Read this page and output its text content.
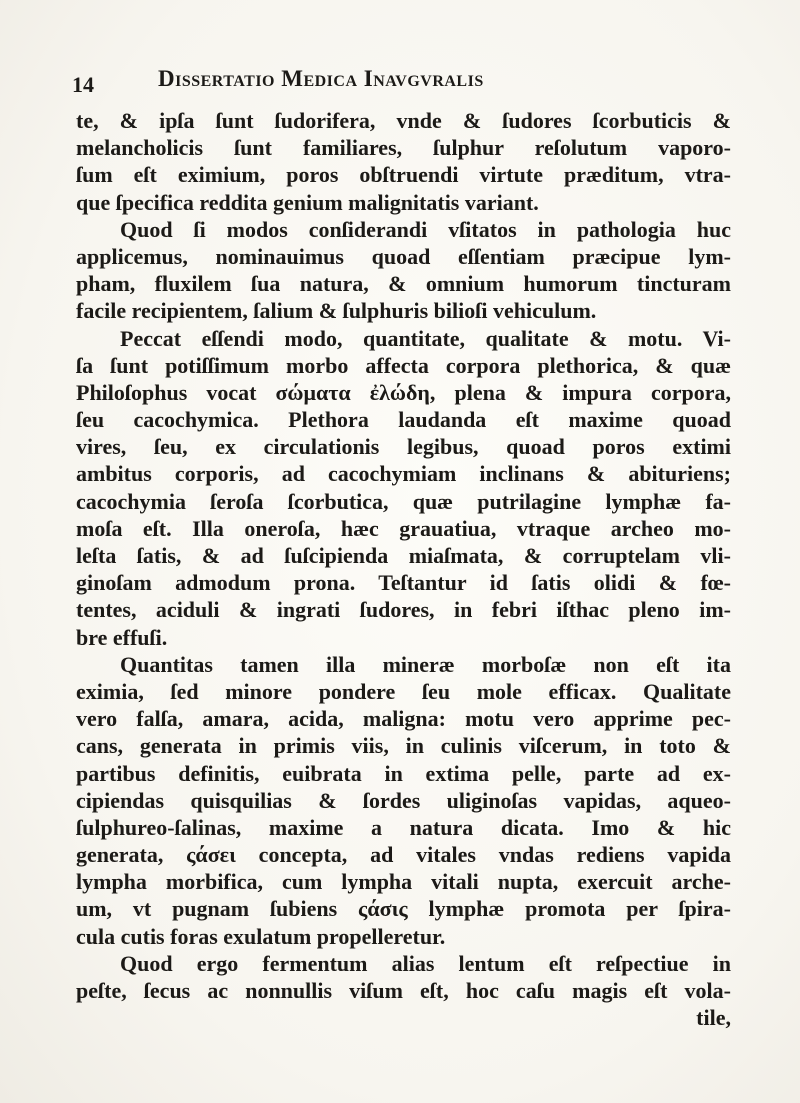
14	Dissertatio Medica Inavgvralis
te, & ipſa ſunt ſudorifera, vnde & ſudores ſcorbuticis &
melancholicis ſunt familiares, ſulphur reſolutum vaporo-
ſum eſt eximium, poros obſtruendi virtute præditum, vtra-
que ſpecifica reddita genium malignitatis variant.
Quod ſi modos conſiderandi vſitatos in pathologia huc
applicemus, nominauimus quoad eſſentiam præcipue lym-
pham, fluxilem ſua natura, & omnium humorum tincturam
facile recipientem, ſalium & ſulphuris bilioſi vehiculum.
Peccat eſſendi modo, quantitate, qualitate & motu. Vi-
ſa ſunt potiſſimum morbo affecta corpora plethorica, & quæ
Philoſophus vocat σώματα ἐλώδη, plena & impura corpora,
ſeu cacochymica. Plethora laudanda eſt maxime quoad
vires, ſeu, ex circulationis legibus, quoad poros extimi
ambitus corporis, ad cacochymiam inclinans & abituriens;
cacochymia ſeroſa ſcorbutica, quæ putrilagine lymphæ fa-
moſa eſt. Illa oneroſa, hæc grauatiua, vtraque archeo mo-
leſta ſatis, & ad ſuſcipienda miaſmata, & corruptelam vli-
ginoſam admodum prona. Teſtantur id ſatis olidi & fœ-
tentes, aciduli & ingrati ſudores, in febri iſthac pleno im-
bre effuſi.
Quantitas tamen illa mineræ morboſæ non eſt ita
eximia, ſed minore pondere ſeu mole efficax. Qualitate
vero falſa, amara, acida, maligna: motu vero apprime pec-
cans, generata in primis viis, in culinis viſcerum, in toto &
partibus definitis, euibrata in extima pelle, parte ad ex-
cipiendas quisquilias & ſordes uliginoſas vapidas, aqueo-
ſulphureo-ſalinas, maxime a natura dicata. Imo & hic
generata, ςάσει concepta, ad vitales vndas rediens vapida
lympha morbifica, cum lympha vitali nupta, exercuit arche-
um, vt pugnam ſubiens ςάσις lymphæ promota per ſpira-
cula cutis foras exulatum propelleretur.
Quod ergo fermentum alias lentum eſt reſpectiue in
peſte, ſecus ac nonnullis viſum eſt, hoc caſu magis eſt vola-
tile,
